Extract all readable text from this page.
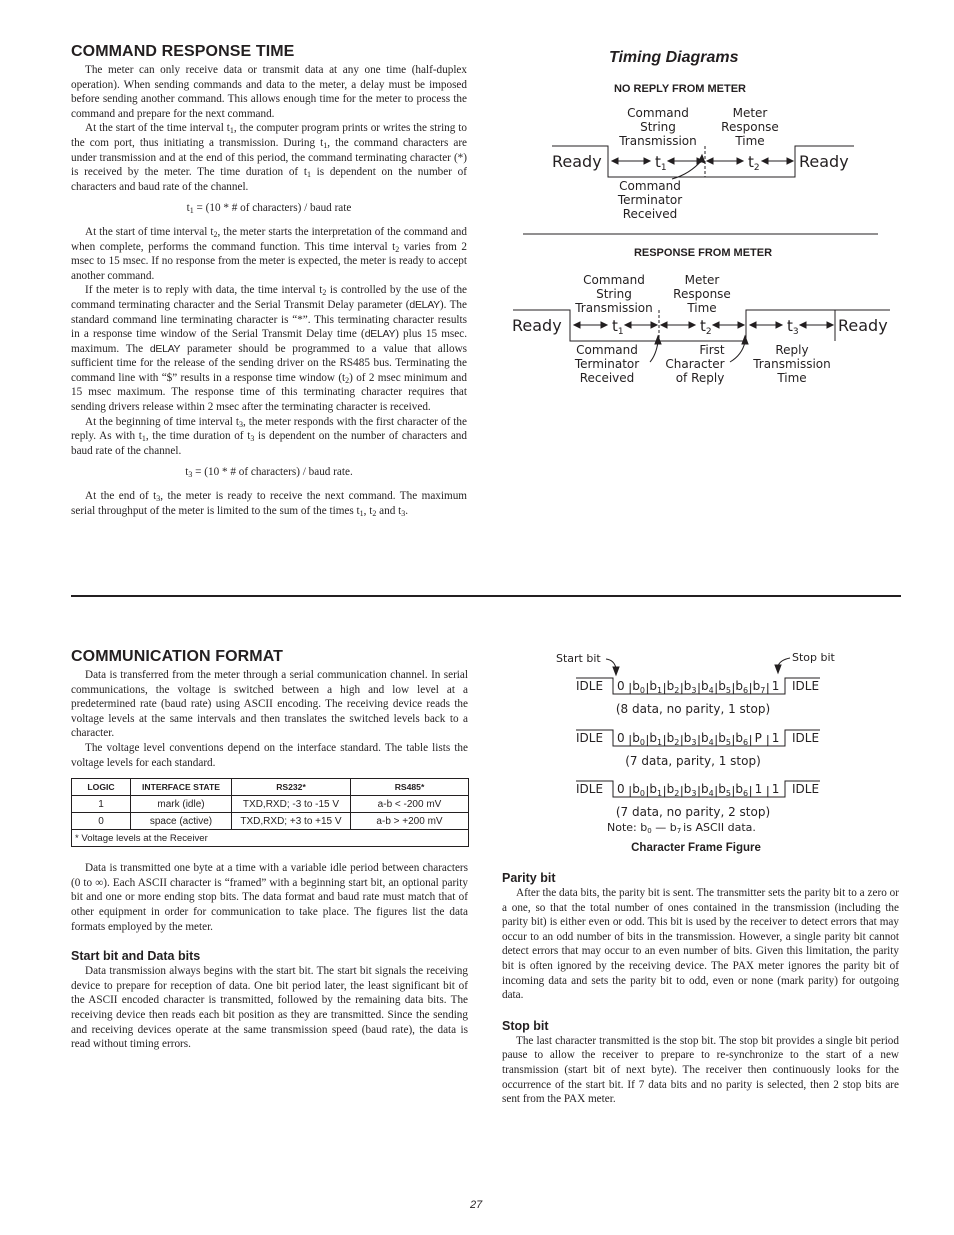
COMMAND RESPONSE TIME

The meter can only receive data or transmit data at any one time (half-duplex operation). When sending commands and data to the meter, a delay must be imposed before sending another command. This allows enough time for the meter to process the command and prepare for the next command.

At the start of the time interval $t_1$, the computer program prints or writes the string to the com port, thus initiating a transmission. During $t_1$, the command characters are under transmission and at the end of this period, the command terminating character (*) is received by the meter. The time duration of $t_1$ is dependent on the number of characters and baud rate of the channel.

$t_1 = (10$ * # of characters) / baud rate

At the start of time interval $t_2$, the meter starts the interpretation of the command and when complete, performs the command function. This time interval $t_2$ varies from 2 msec to 15 msec. If no response from the meter is expected, the meter is ready to accept another command.

If the meter is to reply with data, the time interval $t_2$ is controlled by the use of the command terminating character and the Serial Transmit Delay parameter (dELAY). The standard command line terminating character is “*”. This terminating character results in a response time window of the Serial Transmit Delay time (dELAY) plus 15 msec. maximum. The dELAY parameter should be programmed to a value that allows sufficient time for the release of the sending driver on the RS485 bus. Terminating the command line with “$” results in a response time window $(t_2)$ of 2 msec minimum and 15 msec maximum. The response time of this terminating character requires that sending drivers release within 2 msec after the terminating character is received.

At the beginning of time interval $t_3$, the meter responds with the first character of the reply. As with $t_1$, the time duration of $t_3$ is dependent on the number of characters and baud rate of the channel.

$t_3 = (10$ * # of characters) / baud rate.

At the end of $t_3$, the meter is ready to receive the next command. The maximum serial throughput of the meter is limited to the sum of the times $t_1$, $t_2$ and $t_3$.

Timing Diagrams
NO REPLY FROM METER
Ready	Ready
$t_1$	$t_2$
Command String Transmission
Meter Response Time
Command Terminator Received
RESPONSE FROM METER
Ready	Ready
$t_1$	$t_2$	$t_3$
Command String Transmission
Meter Response Time
Command Terminator Received
First Character of Reply
Reply Transmission Time
COMMUNICATION FORMAT

Data is transferred from the meter through a serial communication channel. In serial communications, the voltage is switched between a high and low level at a predetermined rate (baud rate) using ASCII encoding. The receiving device reads the voltage levels at the same intervals and then translates the switched levels back to a character.

The voltage level conventions depend on the interface standard. The table lists the voltage levels for each standard.

LOGIC	INTERFACE STATE	RS232*	RS485*
1	mark (idle)	TXD,RXD; -3 to -15 V	a-b < -200 mV
0	space (active)	TXD,RXD; +3 to +15 V	a-b > +200 mV
* Voltage levels at the Receiver			

Data is transmitted one byte at a time with a variable idle period between characters (0 to ∞). Each ASCII character is “framed” with a beginning start bit, an optional parity bit and one or more ending stop bits. The data format and baud rate must match that of other equipment in order for communication to take place. The figures list the data formats employed by the meter.

Start bit and Data bits

Data transmission always begins with the start bit. The start bit signals the receiving device to prepare for reception of data. One bit period later, the least significant bit of the ASCII encoded character is transmitted, followed by the remaining data bits. The receiving device then reads each bit position as they are transmitted. Since the sending and receiving devices operate at the same transmission speed (baud rate), the data is read without timing errors.

Start bit	Stop bit
IDLE	IDLE
0 $b_0$ $b_1$ $b_2$ $b_3$ $b_4$ $b_5$ $b_6$ $b_7$ 1
(8 data, no parity, 1 stop)
IDLE	IDLE
0 $b_0$ $b_1$ $b_2$ $b_3$ $b_4$ $b_5$ $b_6$ P 1
(7 data, parity, 1 stop)
IDLE	IDLE
0 $b_0$ $b_1$ $b_2$ $b_3$ $b_4$ $b_5$ $b_6$ 1 1
(7 data, no parity, 2 stop)
Note: b0 — b7 is ASCII data.
Character Frame Figure
Parity bit

After the data bits, the parity bit is sent. The transmitter sets the parity bit to a zero or a one, so that the total number of ones contained in the transmission (including the parity bit) is either even or odd. This bit is used by the receiver to detect errors that may occur to an odd number of bits in the transmission. However, a single parity bit cannot detect errors that may occur to an even number of bits. Given this limitation, the parity bit is often ignored by the receiving device. The PAX meter ignores the parity bit of incoming data and sets the parity bit to odd, even or none (mark parity) for outgoing data.

Stop bit

The last character transmitted is the stop bit. The stop bit provides a single bit period pause to allow the receiver to prepare to re-synchronize to the start of a new transmission (start bit of next byte). The receiver then continuously looks for the occurrence of the start bit. If 7 data bits and no parity is selected, then 2 stop bits are sent from the PAX meter.

27
